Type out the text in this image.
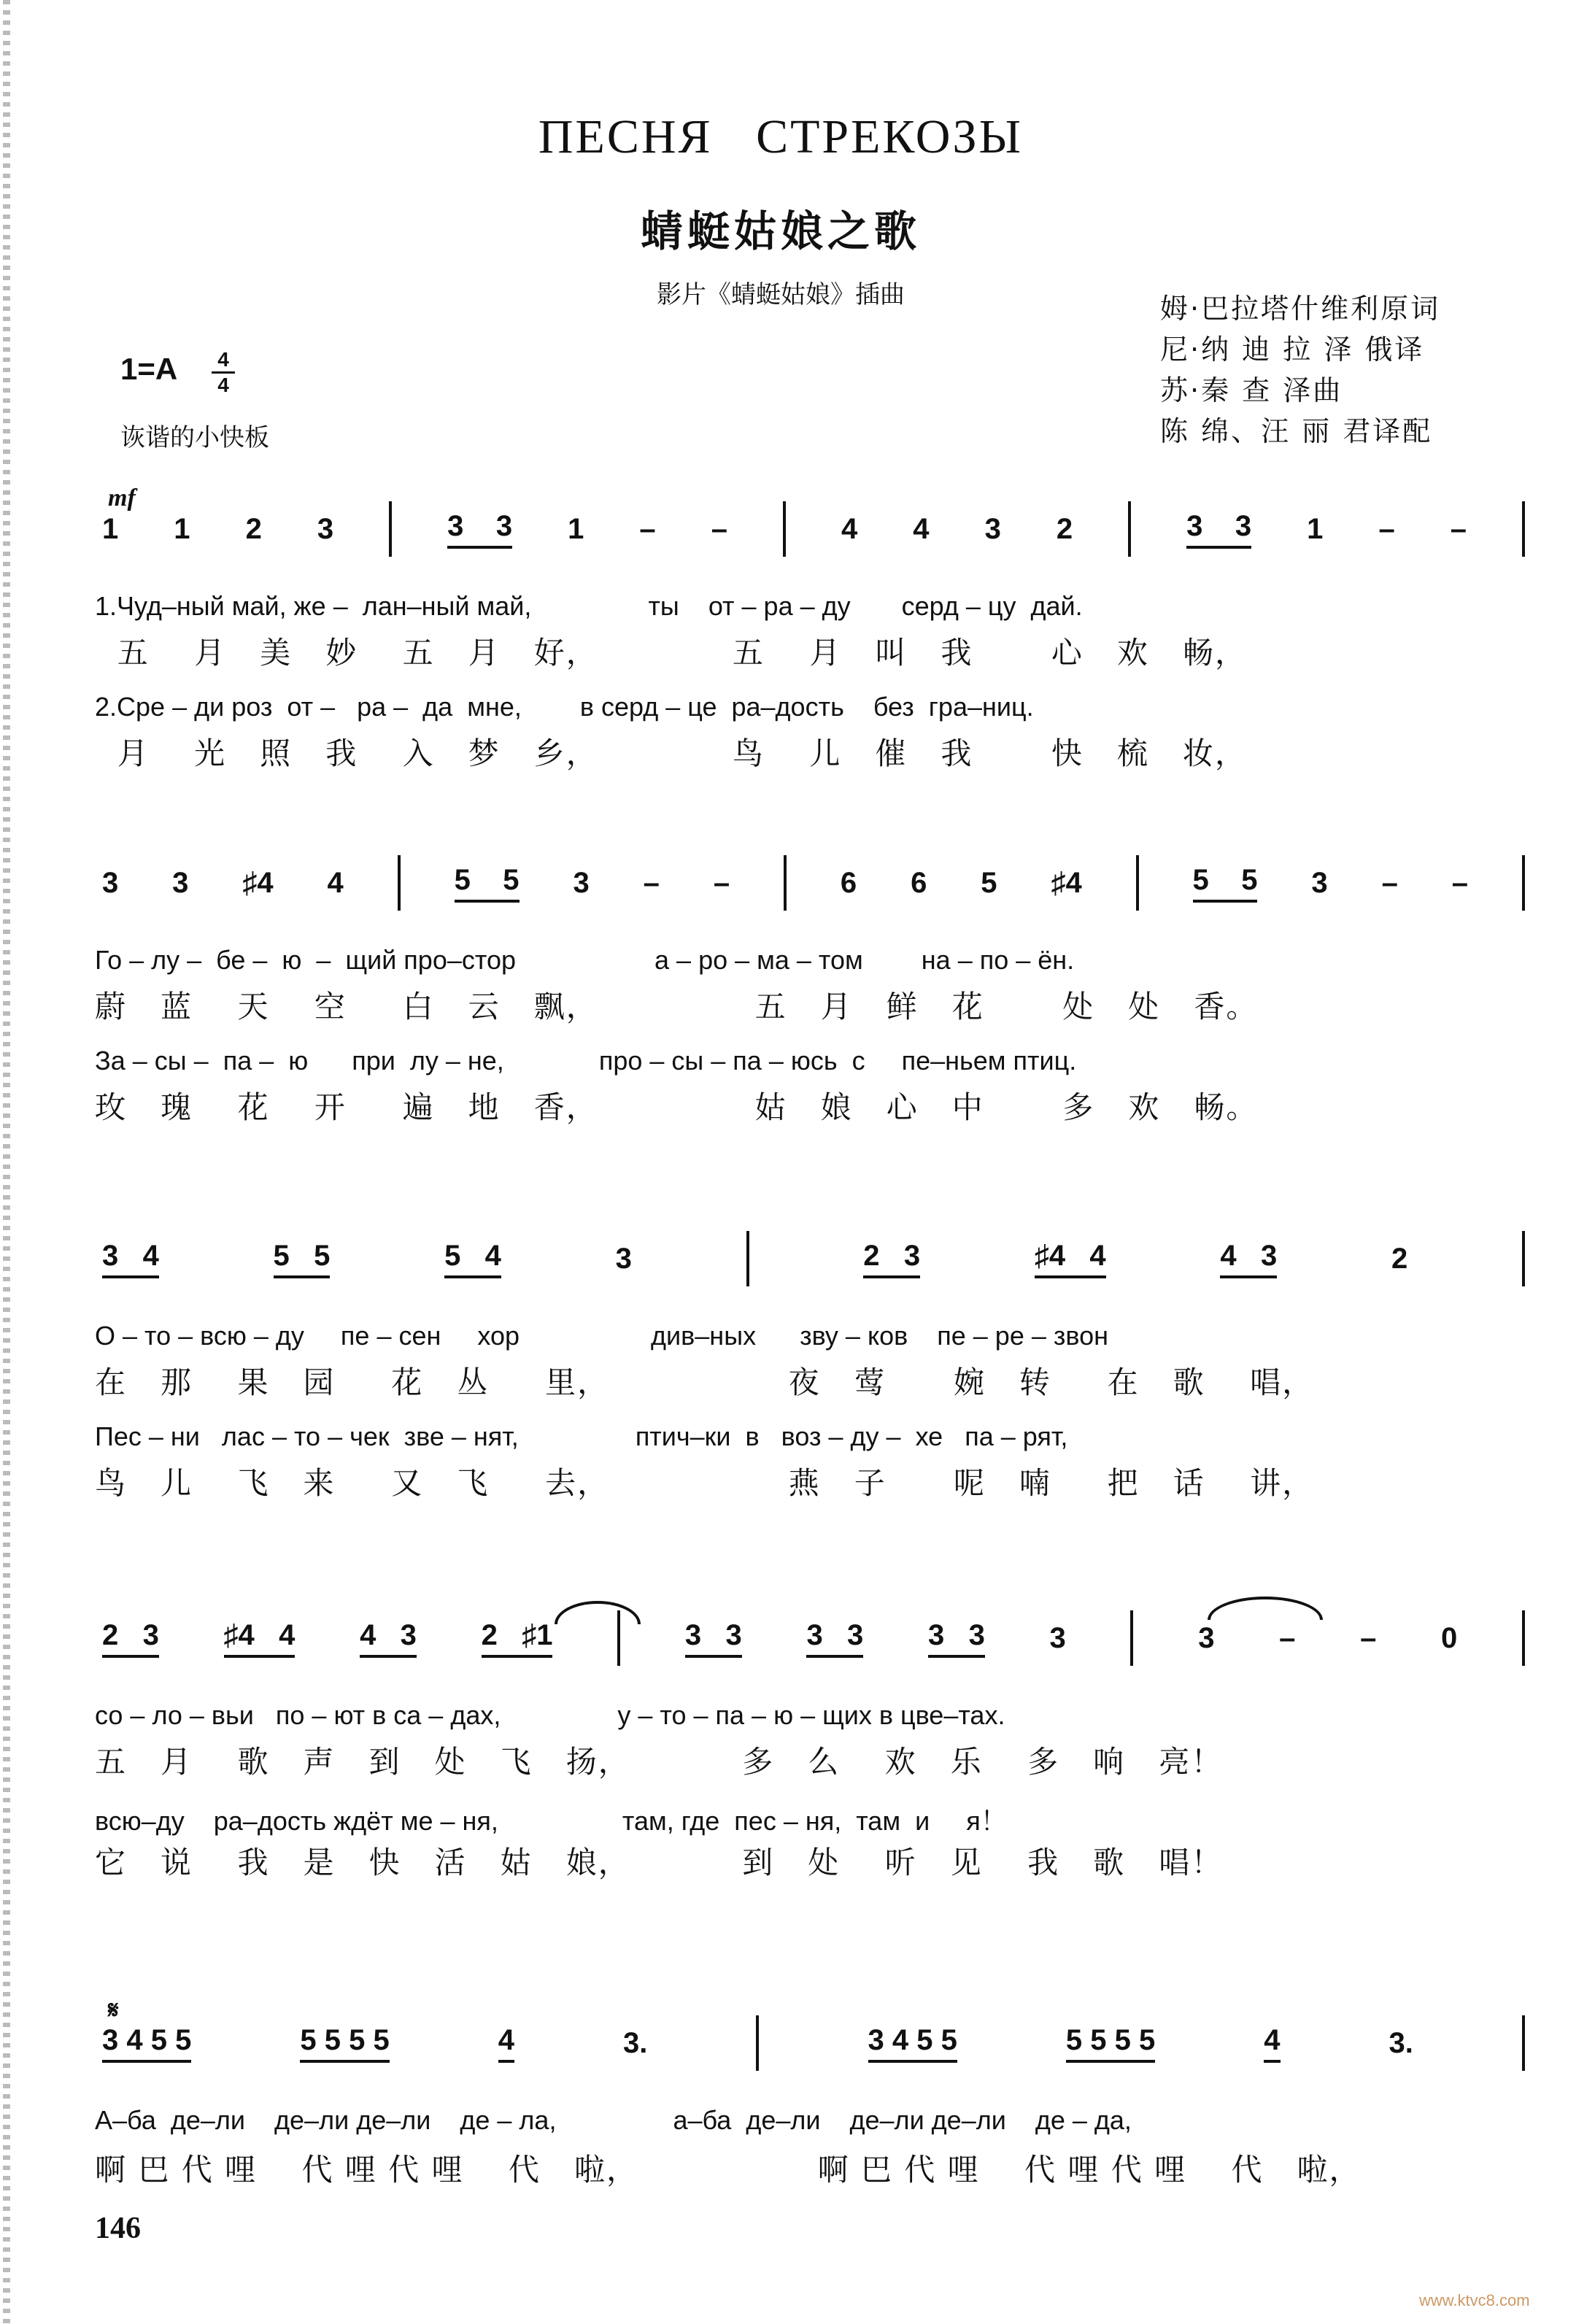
ПЕСНЯ СТРЕКОЗЫ
蜻蜓姑娘之歌
影片《蜻蜓姑娘》插曲	姆·巴拉塔什维利原词
尼·纳 迪 拉 泽 俄译
苏·秦 查 泽曲
陈 绵、汪 丽 君译配
1=A 4
4
诙谐的小快板
mf
1 1 2 3	3    3 1 – –	4 4 3 2	3    3 1 – –
1.Чуд–ный май, же –  лан–ный май,                ты    от – ра – ду       серд – цу  дай.
五    月   美   妙    五   月   好，            五    月   叫   我       心   欢   畅，
2.Сре – ди роз  от –   ра –  да  мне,        в серд – це  ра–дость    без  гра–ниц.
月    光   照   我    入   梦   乡，            鸟    儿   催   我       快   梳   妆，
3 3 ♯4 4	5    5 3 – –	6 6 5 ♯4	5    5 3 – –
Го – лу –  бе –  ю  –  щий про–стор                   а – ро – ма – том        на – по – ён.
蔚   蓝    天    空     白   云   飘，              五   月   鲜   花       处   处   香。
За – сы –  па –  ю      при  лу – не,             про – сы – па – юсь  с     пе–ньем птиц.
玫   瑰    花    开     遍   地   香，              姑   娘   心   中       多   欢   畅。
3   4	5   5	5   4	3	2   3	♯4   4	4   3	2
О – то – всю – ду     пе – сен     хор                  див–ных      зву – ков    пе – ре – звон
在   那    果   园     花   丛     里，                夜   莺      婉   转     在   歌    唱，
Пес – ни   лас – то – чек  зве – нят,                птич–ки  в   воз – ду –  хе   па – рят,
鸟   儿    飞   来     又   飞     去，                燕   子      呢   喃     把   话    讲，
2   3 ♯4   4 4   3 2   ♯1	3   3 3   3 3   3 3	3 – – 0
со – ло – вьи   по – ют в са – дах,                у – то – па – ю – щих в цве–тах.
五   月    歌   声   到   处   飞   扬，          多   么    欢   乐    多   响   亮！
всю–ду    ра–дость ждёт ме – ня,                 там, где  пес – ня,  там  и     я！
它   说    我   是   快   活   姑   娘，          到   处    听   见    我   歌   唱！
𝄋
3 4 5 5	5 5 5 5	4	3.	3 4 5 5	5 5 5 5	4	3.
А–ба  де–ли    де–ли де–ли    де – ла,                а–ба  де–ли    де–ли де–ли    де – да,
啊 巴 代 哩    代 哩 代 哩    代   啦，                啊 巴 代 哩    代 哩 代 哩    代   啦，
146
www.ktvc8.com
